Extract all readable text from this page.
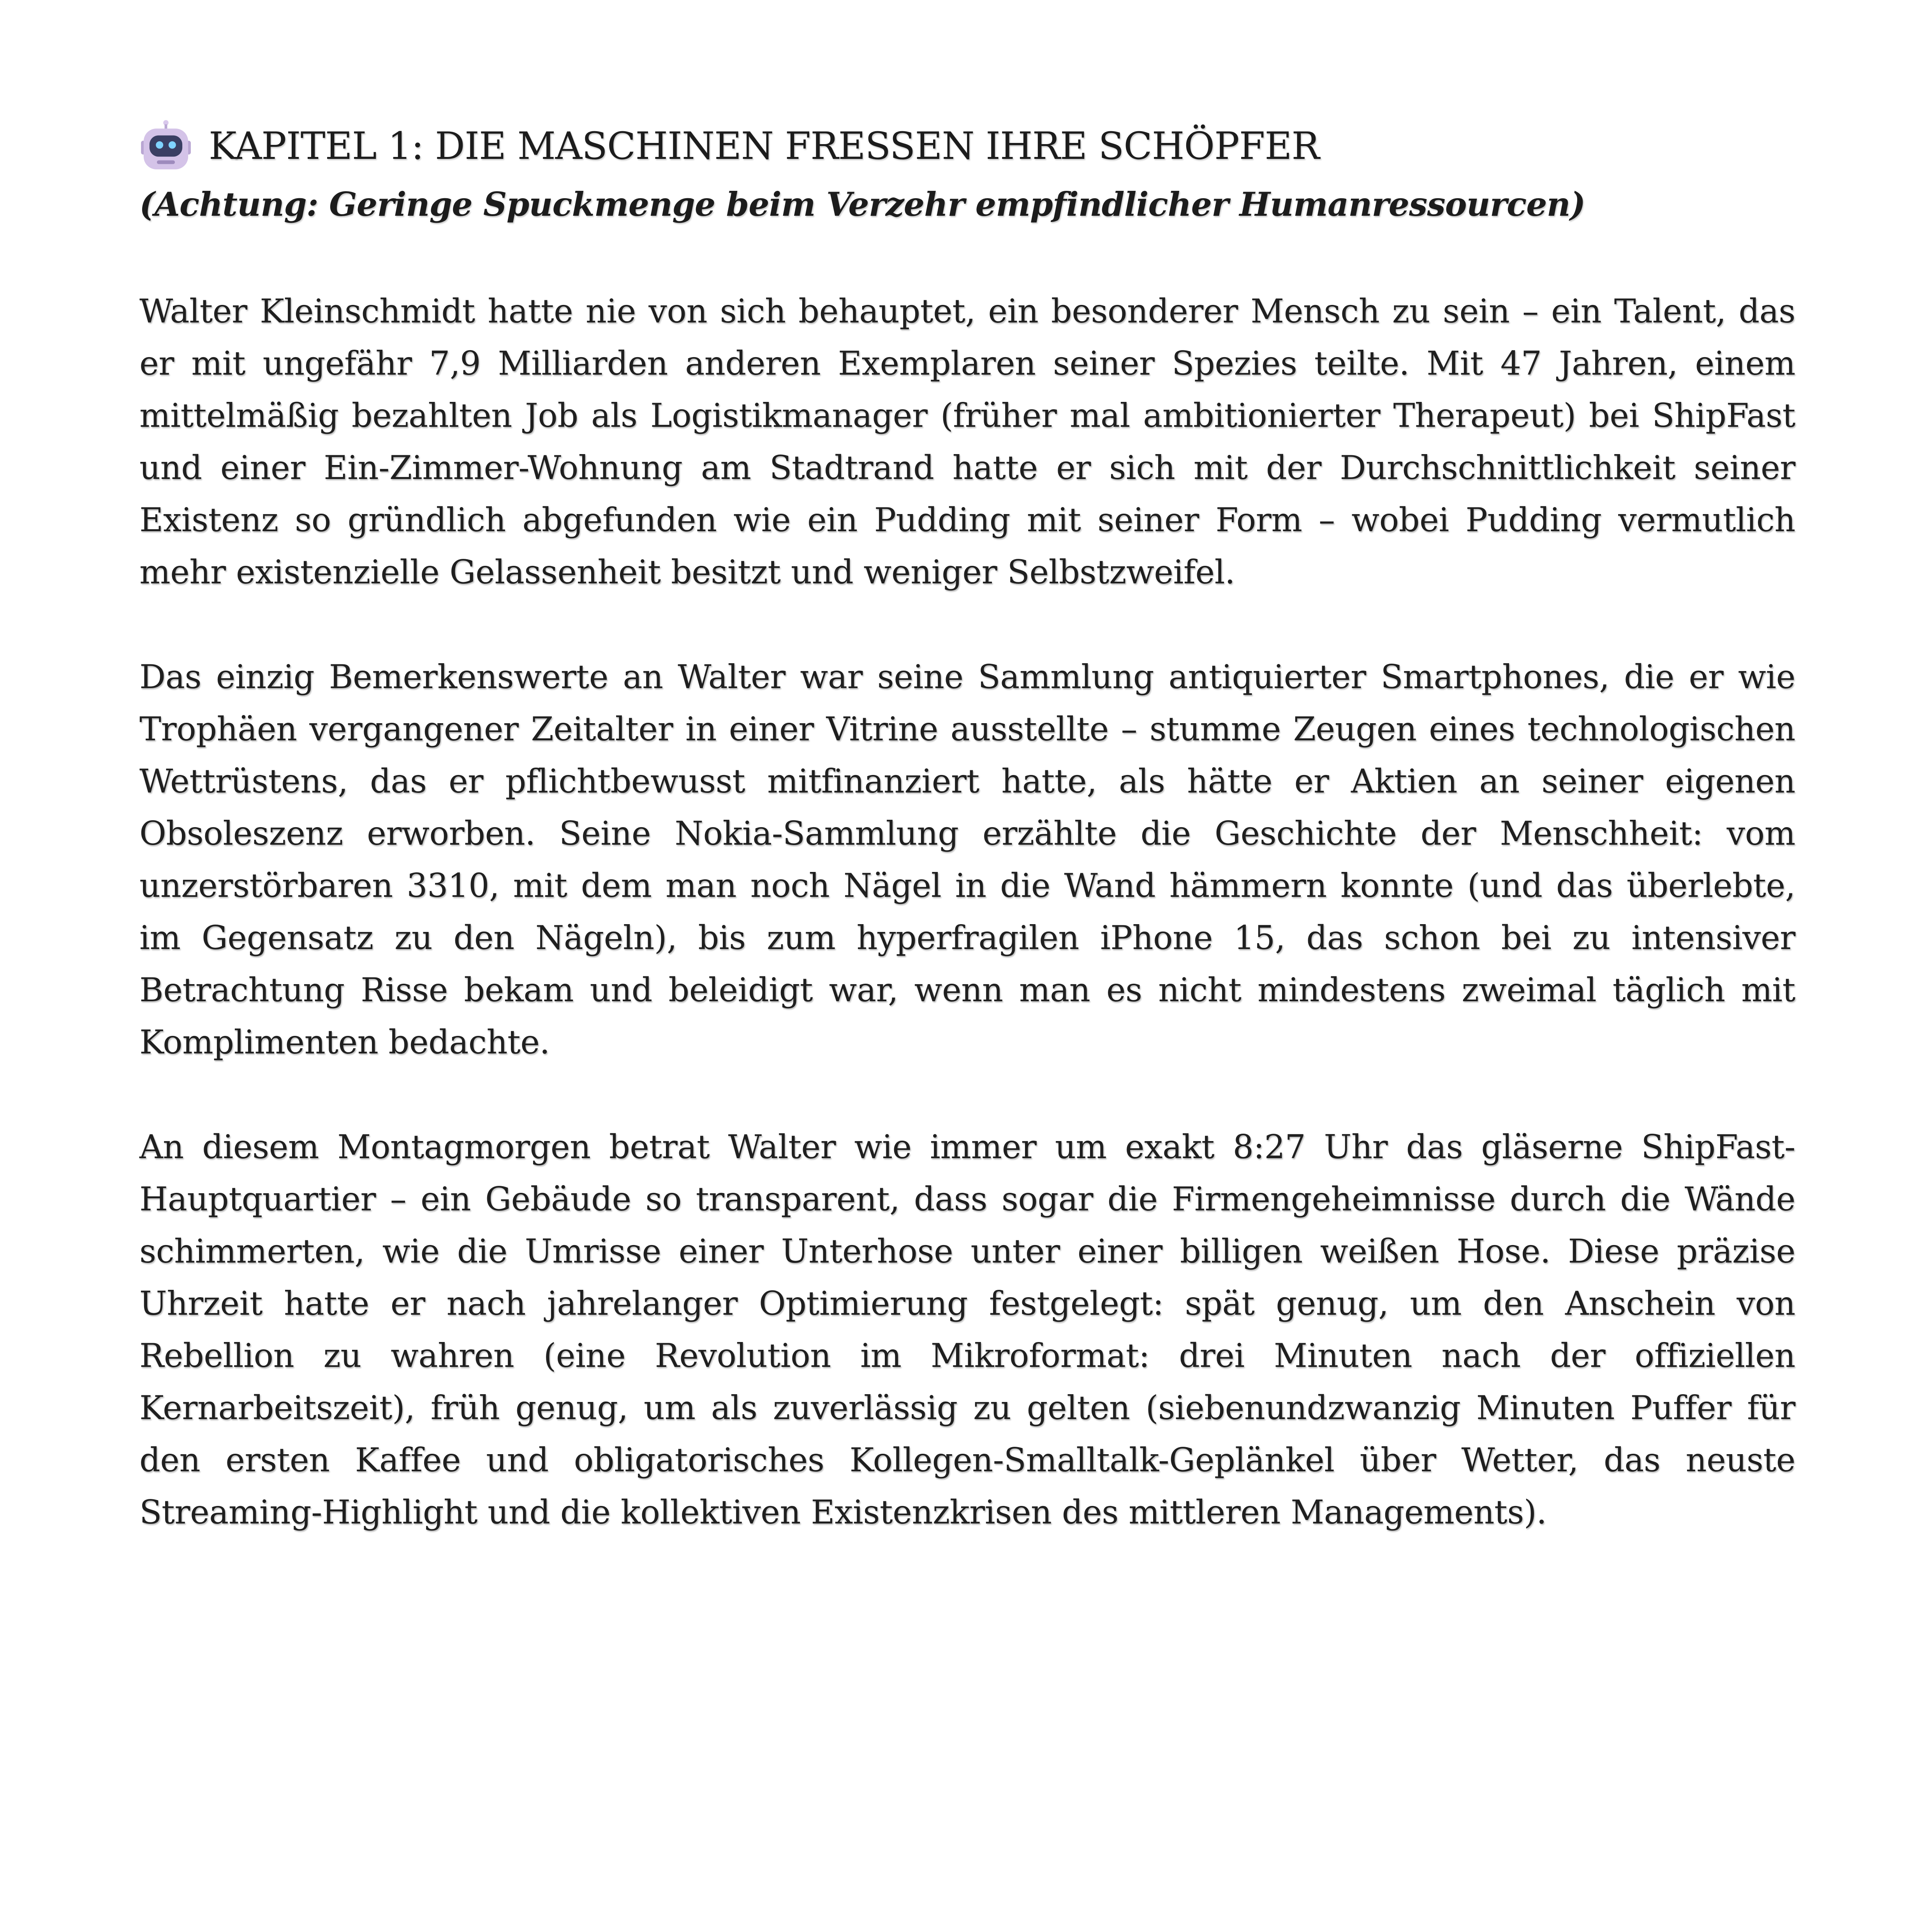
KAPITEL 1: DIE MASCHINEN FRESSEN IHRE SCHÖPFER

(Achtung: Geringe Spuckmenge beim Verzehr empfindlicher Humanressourcen)

Walter Kleinschmidt hatte nie von sich behauptet, ein besonderer Mensch zu sein – ein Talent, das er mit ungefähr 7,9 Milliarden anderen Exemplaren seiner Spezies teilte. Mit 47 Jahren, einem mittelmäßig bezahlten Job als Logistikmanager (früher mal ambitionierter Therapeut) bei ShipFast und einer Ein-Zimmer-Wohnung am Stadtrand hatte er sich mit der Durchschnittlichkeit seiner Existenz so gründlich abgefunden wie ein Pudding mit seiner Form – wobei Pudding vermutlich mehr existenzielle Gelassenheit besitzt und weniger Selbstzweifel.

Das einzig Bemerkenswerte an Walter war seine Sammlung antiquierter Smartphones, die er wie Trophäen vergangener Zeitalter in einer Vitrine ausstellte – stumme Zeugen eines technologischen Wettrüstens, das er pflichtbewusst mitfinanziert hatte, als hätte er Aktien an seiner eigenen Obsoleszenz erworben. Seine Nokia-Sammlung erzählte die Geschichte der Menschheit: vom unzerstörbaren 3310, mit dem man noch Nägel in die Wand hämmern konnte (und das überlebte, im Gegensatz zu den Nägeln), bis zum hyperfragilen iPhone 15, das schon bei zu intensiver Betrachtung Risse bekam und beleidigt war, wenn man es nicht mindestens zweimal täglich mit Komplimenten bedachte.

An diesem Montagmorgen betrat Walter wie immer um exakt 8:27 Uhr das gläserne ShipFast-Hauptquartier – ein Gebäude so transparent, dass sogar die Firmengeheimnisse durch die Wände schimmerten, wie die Umrisse einer Unterhose unter einer billigen weißen Hose. Diese präzise Uhrzeit hatte er nach jahrelanger Optimierung festgelegt: spät genug, um den Anschein von Rebellion zu wahren (eine Revolution im Mikroformat: drei Minuten nach der offiziellen Kernarbeitszeit), früh genug, um als zuverlässig zu gelten (siebenundzwanzig Minuten Puffer für den ersten Kaffee und obligatorisches Kollegen-Smalltalk-Geplänkel über Wetter, das neuste Streaming-Highlight und die kollektiven Existenzkrisen des mittleren Managements).
